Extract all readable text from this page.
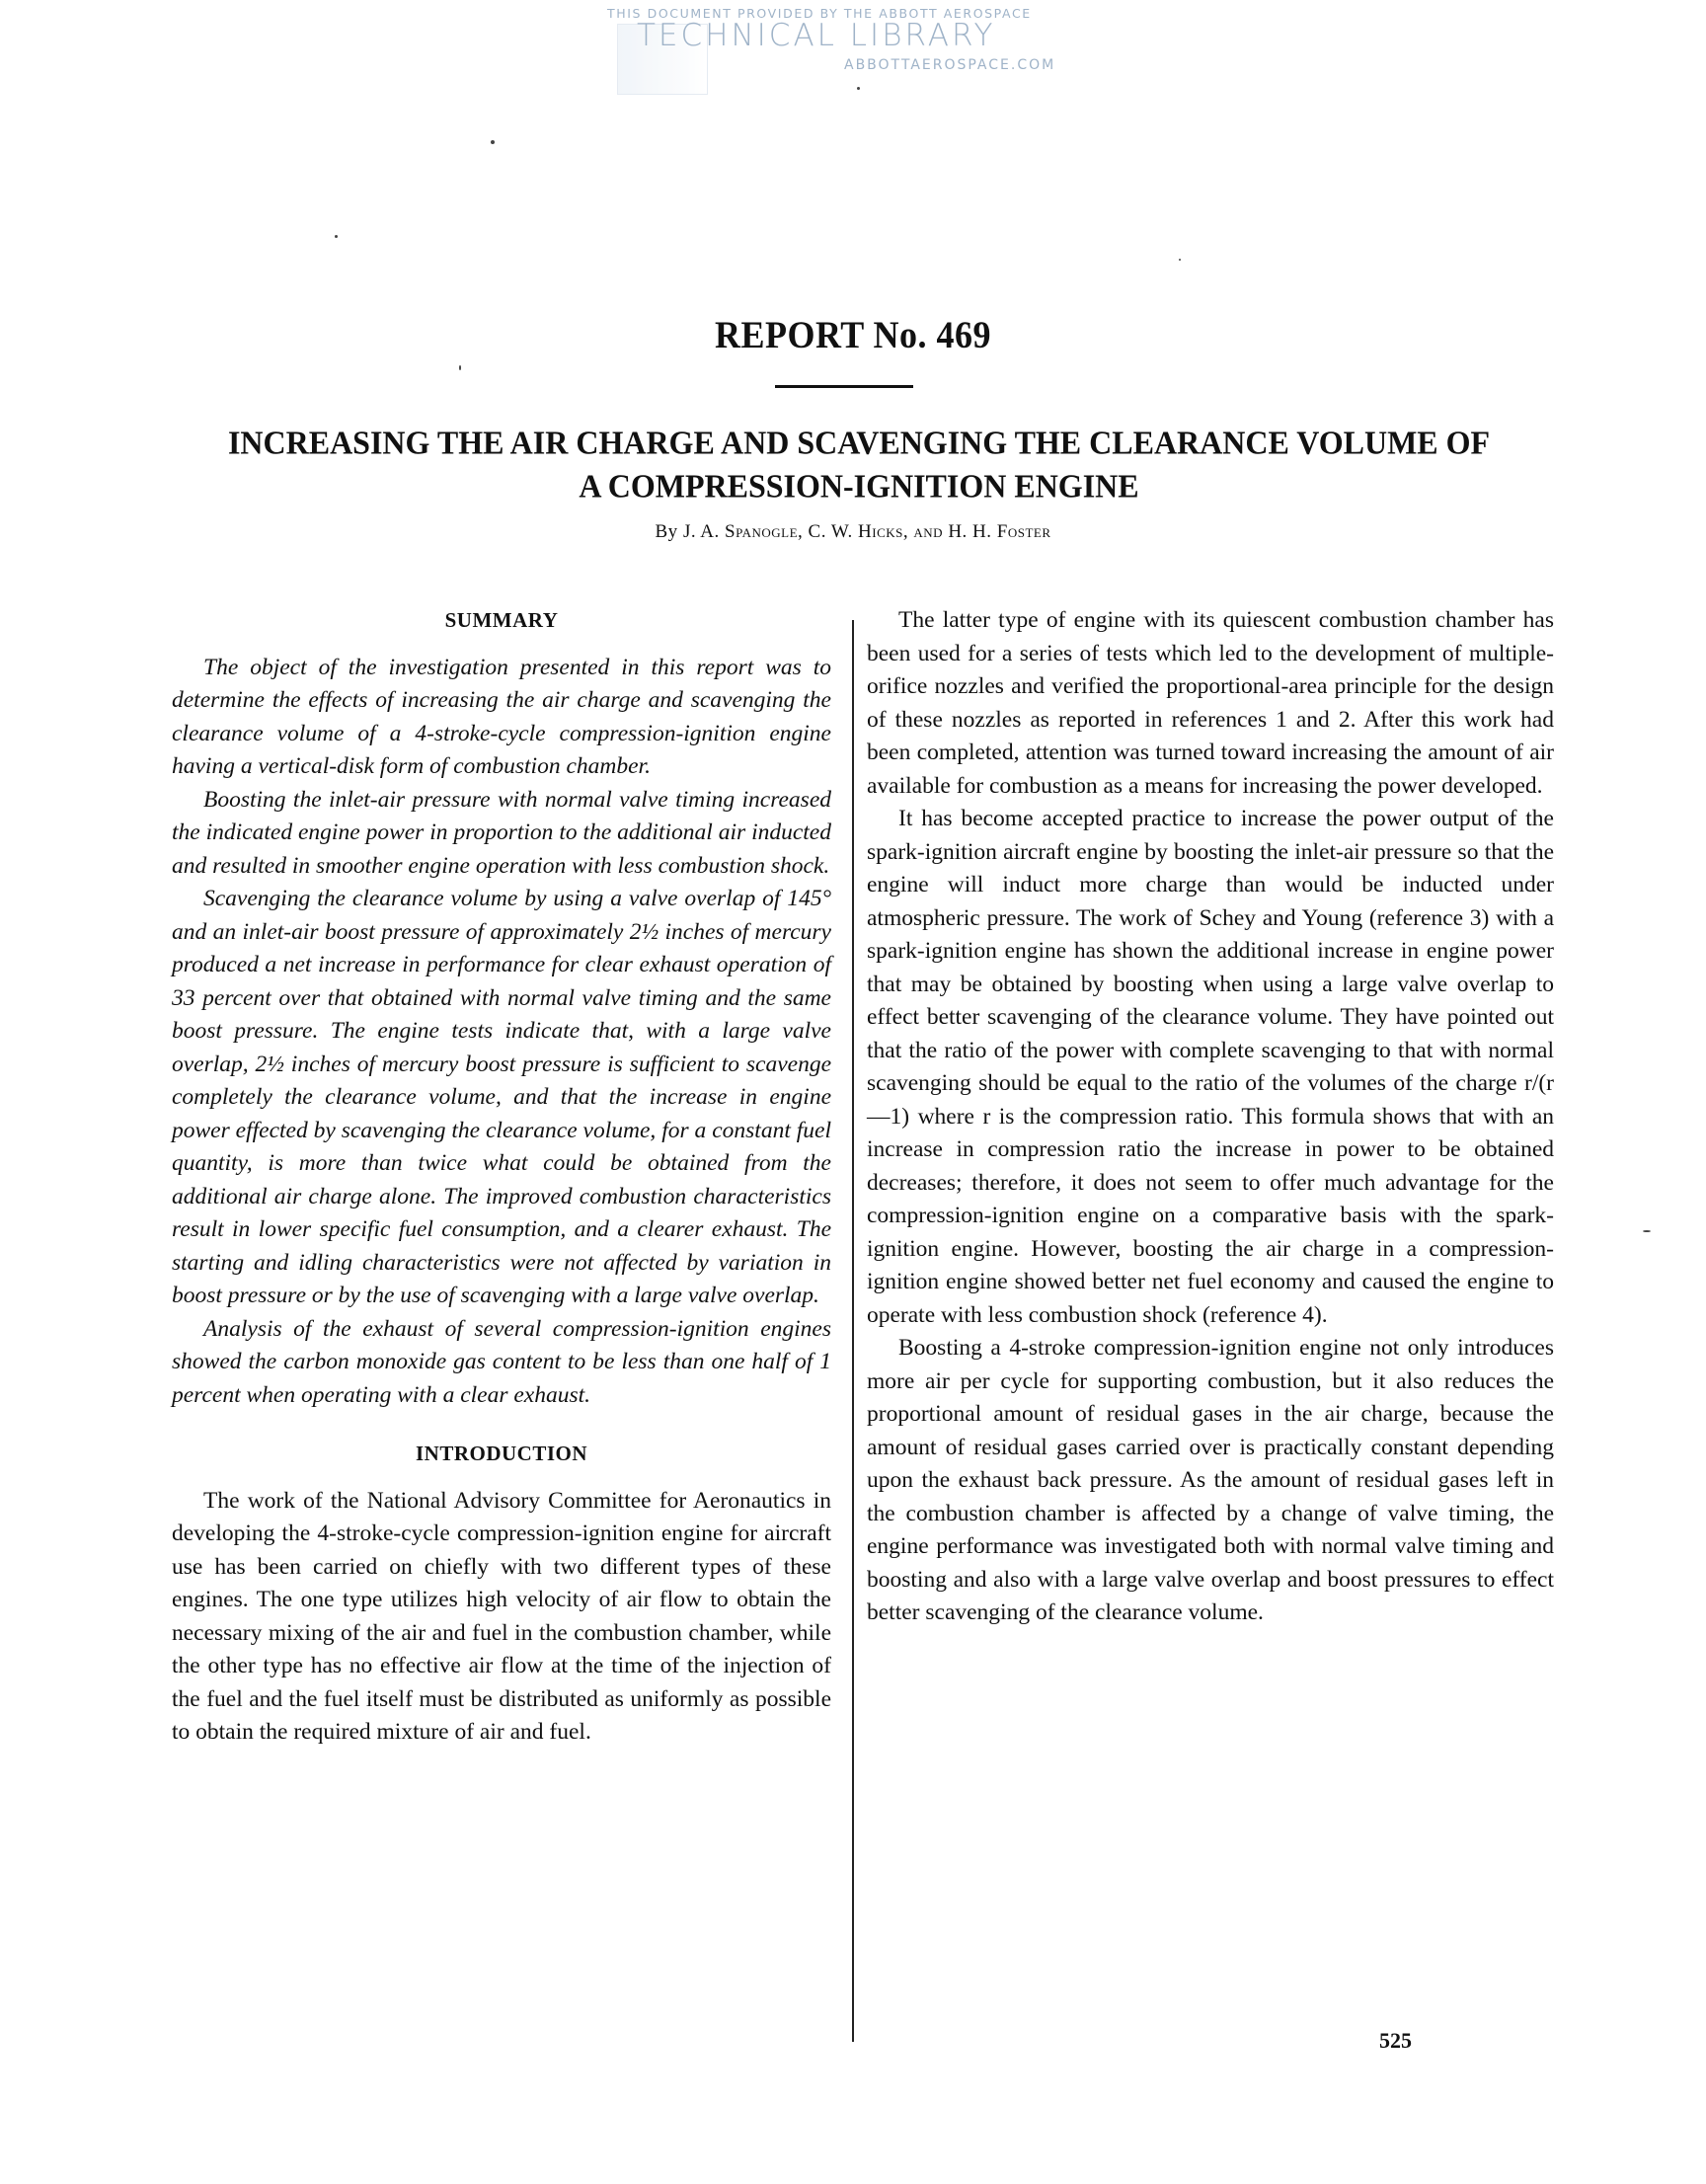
THIS DOCUMENT PROVIDED BY THE ABBOTT AEROSPACE
TECHNICAL LIBRARY
ABBOTTAEROSPACE.COM
REPORT No. 469
INCREASING THE AIR CHARGE AND SCAVENGING THE CLEARANCE VOLUME OF
A COMPRESSION-IGNITION ENGINE
By J. A. Spanogle, C. W. Hicks, and H. H. Foster
SUMMARY

The object of the investigation presented in this report was to determine the effects of increasing the air charge and scavenging the clearance volume of a 4-stroke-cycle compression-ignition engine having a vertical-disk form of combustion chamber.

Boosting the inlet-air pressure with normal valve timing increased the indicated engine power in proportion to the additional air inducted and resulted in smoother engine operation with less combustion shock.

Scavenging the clearance volume by using a valve overlap of 145° and an inlet-air boost pressure of approximately 2½ inches of mercury produced a net increase in performance for clear exhaust operation of 33 percent over that obtained with normal valve timing and the same boost pressure. The engine tests indicate that, with a large valve overlap, 2½ inches of mercury boost pressure is sufficient to scavenge completely the clearance volume, and that the increase in engine power effected by scavenging the clearance volume, for a constant fuel quantity, is more than twice what could be obtained from the additional air charge alone. The improved combustion characteristics result in lower specific fuel consumption, and a clearer exhaust. The starting and idling characteristics were not affected by variation in boost pressure or by the use of scavenging with a large valve overlap.

Analysis of the exhaust of several compression-ignition engines showed the carbon monoxide gas content to be less than one half of 1 percent when operating with a clear exhaust.

INTRODUCTION

The work of the National Advisory Committee for Aeronautics in developing the 4-stroke-cycle compression-ignition engine for aircraft use has been carried on chiefly with two different types of these engines. The one type utilizes high velocity of air flow to obtain the necessary mixing of the air and fuel in the combustion chamber, while the other type has no effective air flow at the time of the injection of the fuel and the fuel itself must be distributed as uniformly as possible to obtain the required mixture of air and fuel.

The latter type of engine with its quiescent combustion chamber has been used for a series of tests which led to the development of multiple-orifice nozzles and verified the proportional-area principle for the design of these nozzles as reported in references 1 and 2. After this work had been completed, attention was turned toward increasing the amount of air available for combustion as a means for increasing the power developed.

It has become accepted practice to increase the power output of the spark-ignition aircraft engine by boosting the inlet-air pressure so that the engine will induct more charge than would be inducted under atmospheric pressure. The work of Schey and Young (reference 3) with a spark-ignition engine has shown the additional increase in engine power that may be obtained by boosting when using a large valve overlap to effect better scavenging of the clearance volume. They have pointed out that the ratio of the power with complete scavenging to that with normal scavenging should be equal to the ratio of the volumes of the charge r/(r—1) where r is the compression ratio. This formula shows that with an increase in compression ratio the increase in power to be obtained decreases; therefore, it does not seem to offer much advantage for the compression-ignition engine on a comparative basis with the spark-ignition engine. However, boosting the air charge in a compression-ignition engine showed better net fuel economy and caused the engine to operate with less combustion shock (reference 4).

Boosting a 4-stroke compression-ignition engine not only introduces more air per cycle for supporting combustion, but it also reduces the proportional amount of residual gases in the air charge, because the amount of residual gases carried over is practically constant depending upon the exhaust back pressure. As the amount of residual gases left in the combustion chamber is affected by a change of valve timing, the engine performance was investigated both with normal valve timing and boosting and also with a large valve overlap and boost pressures to effect better scavenging of the clearance volume.

525
